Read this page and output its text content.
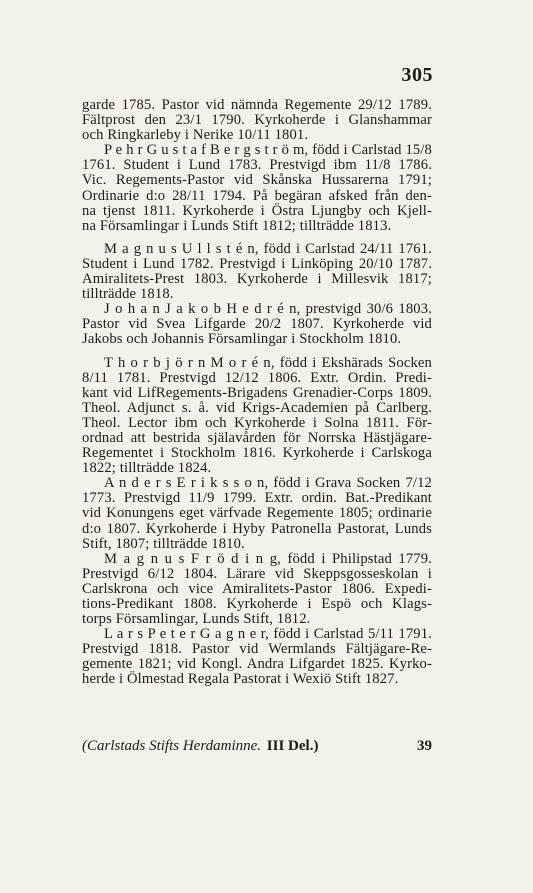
305
garde 1785. Pastor vid nämnda Regemente 29/12 1789.
Fältprost den 23/1 1790. Kyrkoherde i Glanshammar
och Ringkarleby i Nerike 10/11 1801.
P e h r G u s t a f B e r g s t r ö m, född i Carlstad 15/8
1761. Student i Lund 1783. Prestvigd ibm 11/8 1786.
Vic. Regements-Pastor vid Skånska Hussarerna 1791;
Ordinarie d:o 28/11 1794. På begäran afsked från den-
na tjenst 1811. Kyrkoherde i Östra Ljungby och Kjell-
na Församlingar i Lunds Stift 1812; tillträdde 1813.
M a g n u s U l l s t é n, född i Carlstad 24/11 1761.
Student i Lund 1782. Prestvigd i Linköping 20/10 1787.
Amiralitets-Prest 1803. Kyrkoherde i Millesvik 1817;
tillträdde 1818.
J o h a n J a k o b H e d r é n, prestvigd 30/6 1803.
Pastor vid Svea Lifgarde 20/2 1807. Kyrkoherde vid
Jakobs och Johannis Församlingar i Stockholm 1810.
T h o r b j ö r n M o r é n, född i Ekshärads Socken
8/11 1781. Prestvigd 12/12 1806. Extr. Ordin. Predi-
kant vid LifRegements-Brigadens Grenadier-Corps 1809.
Theol. Adjunct s. å. vid Krigs-Academien på Carlberg.
Theol. Lector ibm och Kyrkoherde i Solna 1811. För-
ordnad att bestrida själavården för Norrska Hästjägare-
Regementet i Stockholm 1816. Kyrkoherde i Carlskoga
1822; tillträdde 1824.
A n d e r s E r i k s s o n, född i Grava Socken 7/12
1773. Prestvigd 11/9 1799. Extr. ordin. Bat.-Predikant
vid Konungens eget värfvade Regemente 1805; ordinarie
d:o 1807. Kyrkoherde i Hyby Patronella Pastorat, Lunds
Stift, 1807; tillträdde 1810.
M a g n u s F r ö d i n g, född i Philipstad 1779.
Prestvigd 6/12 1804. Lärare vid Skeppsgosseskolan i
Carlskrona och vice Amiralitets-Pastor 1806. Expedi-
tions-Predikant 1808. Kyrkoherde i Espö och Klags-
torps Församlingar, Lunds Stift, 1812.
L a r s P e t e r G a g n e r, född i Carlstad 5/11 1791.
Prestvigd 1818. Pastor vid Wermlands Fältjägare-Re-
gemente 1821; vid Kongl. Andra Lifgardet 1825. Kyrko-
herde i Ölmestad Regala Pastorat i Wexiö Stift 1827.
(Carlstads Stifts Herdaminne. III Del.)	39
